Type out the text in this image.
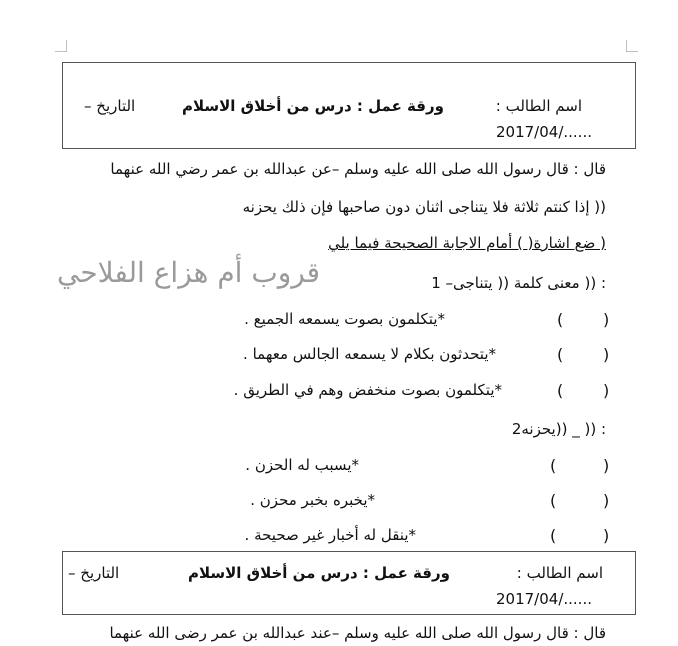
اسم الطالب :
ورقة عمل : درس من أخلاق الاسلام
التاريخ –
2017/04/......
قال : قال رسول الله صلى الله عليه وسلم –عن عبدالله بن عمر رضي الله عنهما
(( إذا كنتم ثلاثة فلا يتناجى اثنان دون صاحبها فإن ذلك يحزنه
( ضع اشارة( ) أمام الاجابة الصحيحة فيما يلي
قروب أم هزاع الفلاحي	: (( معنى كلمة (( يتناجى– 1
)
(
*يتكلمون بصوت يسمعه الجميع .
)
(
*يتحدثون بكلام لا يسمعه الجالس معهما .
)
(
*يتكلمون بصوت منخفض وهم في الطريق .
: (( _ ((يحزنه2
)
(
*يسبب له الحزن .
)
(
*يخبره بخبر محزن .
)
(
*ينقل له أخبار غير صحيحة .
اسم الطالب :
ورقة عمل : درس من أخلاق الاسلام
التاريخ –
2017/04/......
قال : قال رسول الله صلى الله عليه وسلم –عند عبدالله بن عمر رضى الله عنهما
